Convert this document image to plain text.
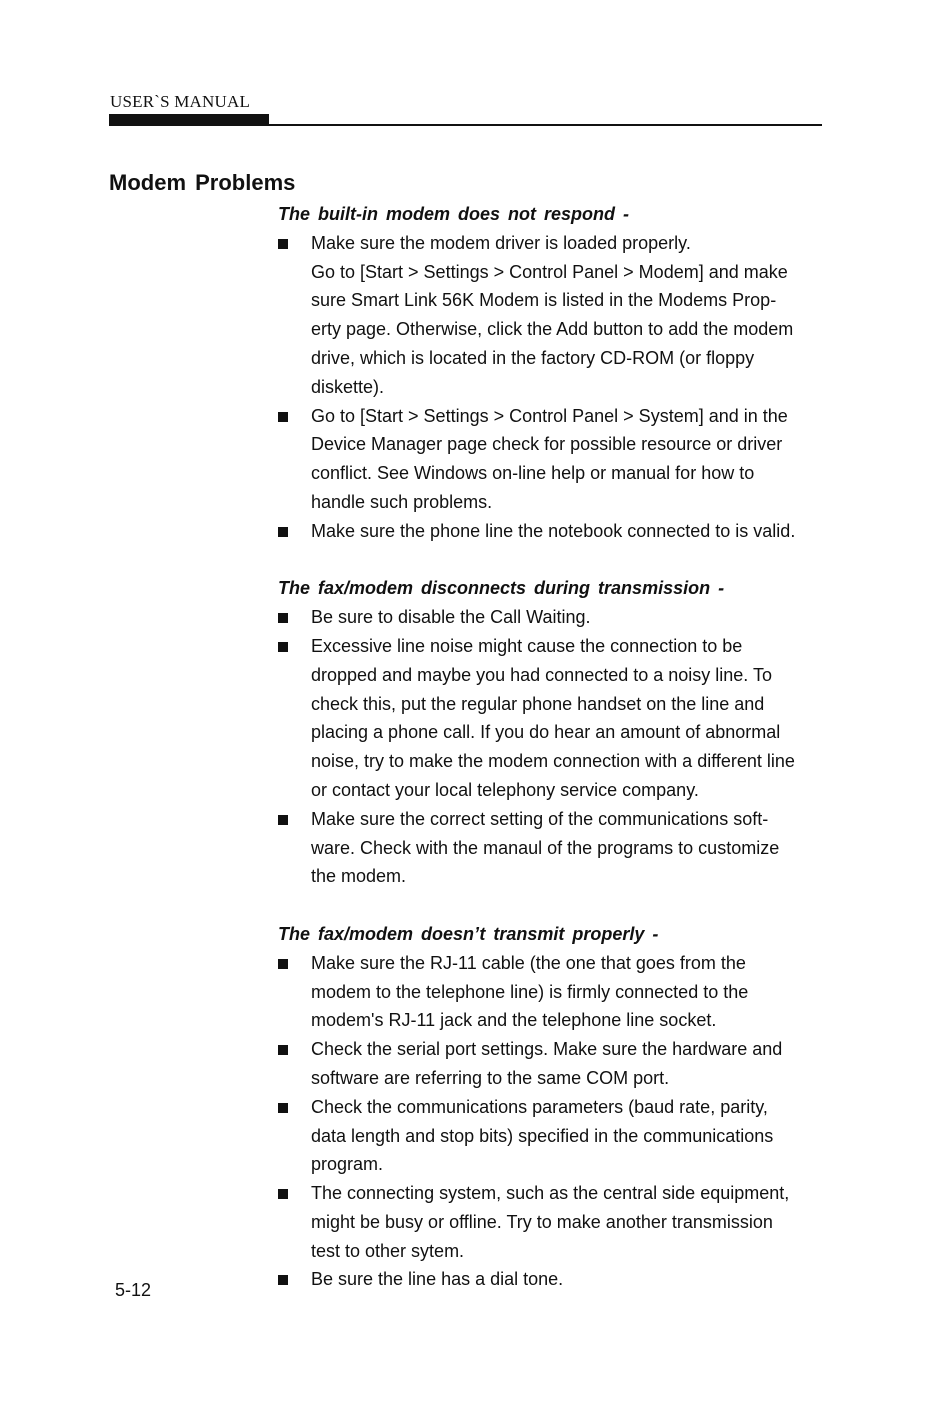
USER`S MANUAL
Modem Problems

The built-in modem does not respond -

Make sure the modem driver is loaded properly.
Go to [Start > Settings > Control Panel > Modem] and make
sure Smart Link 56K Modem is listed in the Modems Prop-
erty page. Otherwise, click the Add button to add the modem
drive, which is located in the factory CD-ROM (or floppy
diskette).
Go to [Start > Settings > Control Panel > System] and in the
Device Manager page check for possible resource or driver
conflict. See Windows on-line help or manual for how to
handle such problems.
Make sure the phone line the notebook connected to is valid.

The fax/modem disconnects during transmission -

Be sure to disable the Call Waiting.
Excessive line noise might cause the connection to be
dropped and maybe you had connected to a noisy line. To
check this, put the regular phone handset on the line and
placing a phone call. If you do hear an amount of abnormal
noise, try to make the modem connection with a different line
or contact your local telephony service company.
Make sure the correct setting of the communications soft-
ware. Check with the manaul of the programs to customize
the modem.

The fax/modem doesn’t transmit properly -

Make sure the RJ-11 cable (the one that goes from the
modem to the telephone line) is firmly connected to the
modem's RJ-11 jack and the telephone line socket.
Check the serial port settings. Make sure the hardware and
software are referring to the same COM port.
Check the communications parameters (baud rate, parity,
data length and stop bits) specified in the communications
program.
The connecting system, such as the central side equipment,
might be busy or offline. Try to make another transmission
test to other sytem.
Be sure the line has a dial tone.
5-12
